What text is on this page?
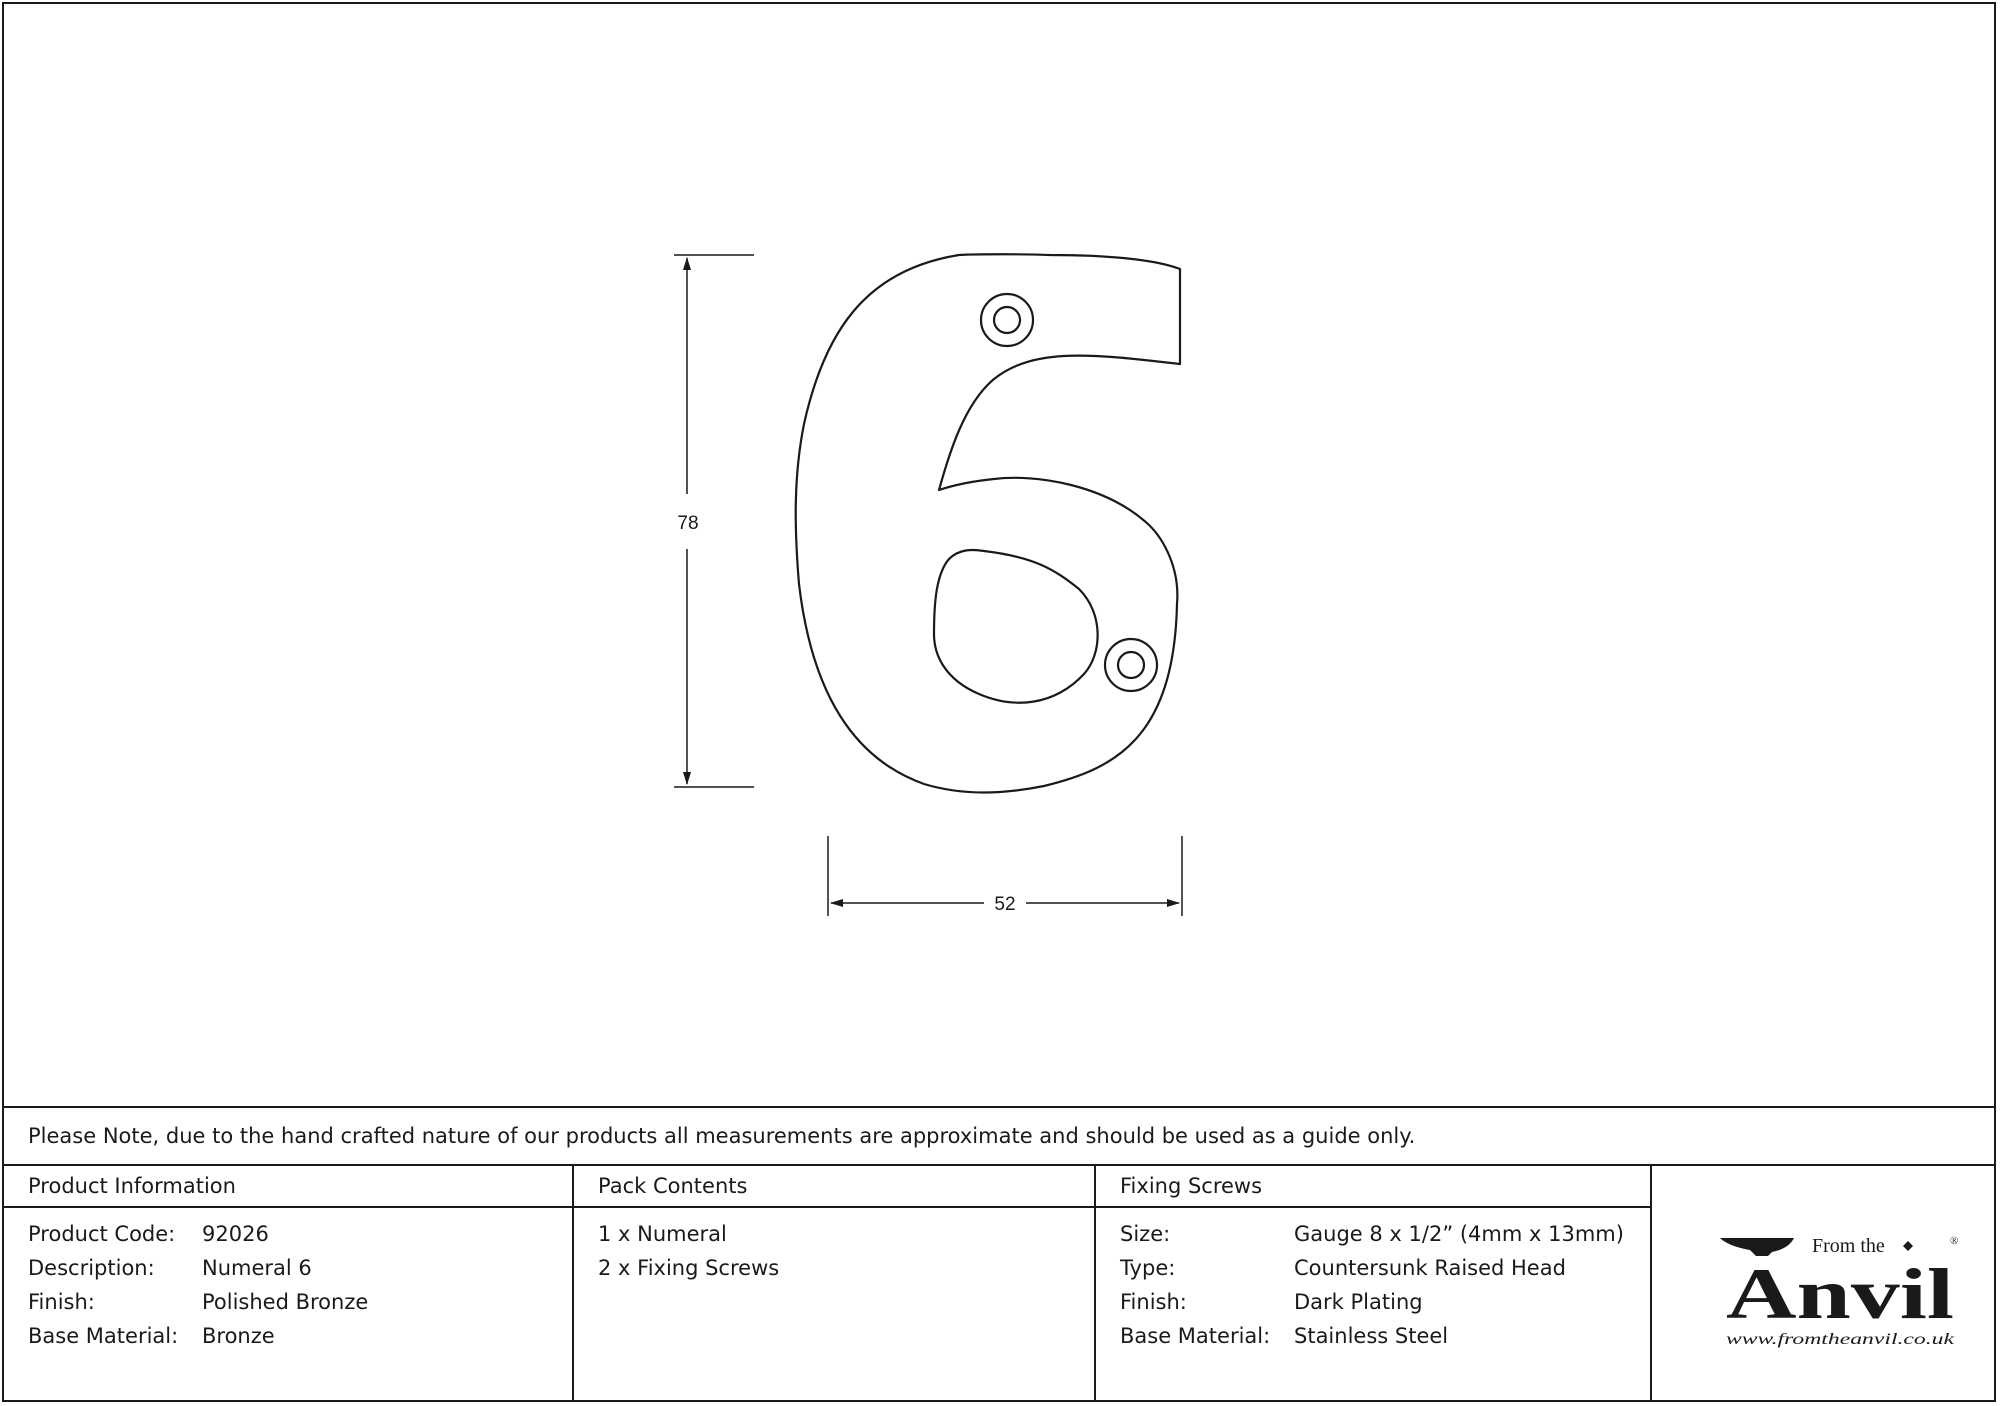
78
52
Please Note, due to the hand crafted nature of our products all measurements are approximate and should be used as a guide only.
Product Information
Product Code: 92026
Description: Numeral 6
Finish:	Polished Bronze
Base Material: Bronze
Pack Contents
1 x Numeral
2 x Fixing Screws
Fixing Screws
Size:	Gauge 8 x 1/2” (4mm x 13mm)
Type:	Countersunk Raised Head
Finish:	Dark Plating
Base Material: Stainless Steel
From the	®
Anvil
www.fromtheanvil.co.uk
